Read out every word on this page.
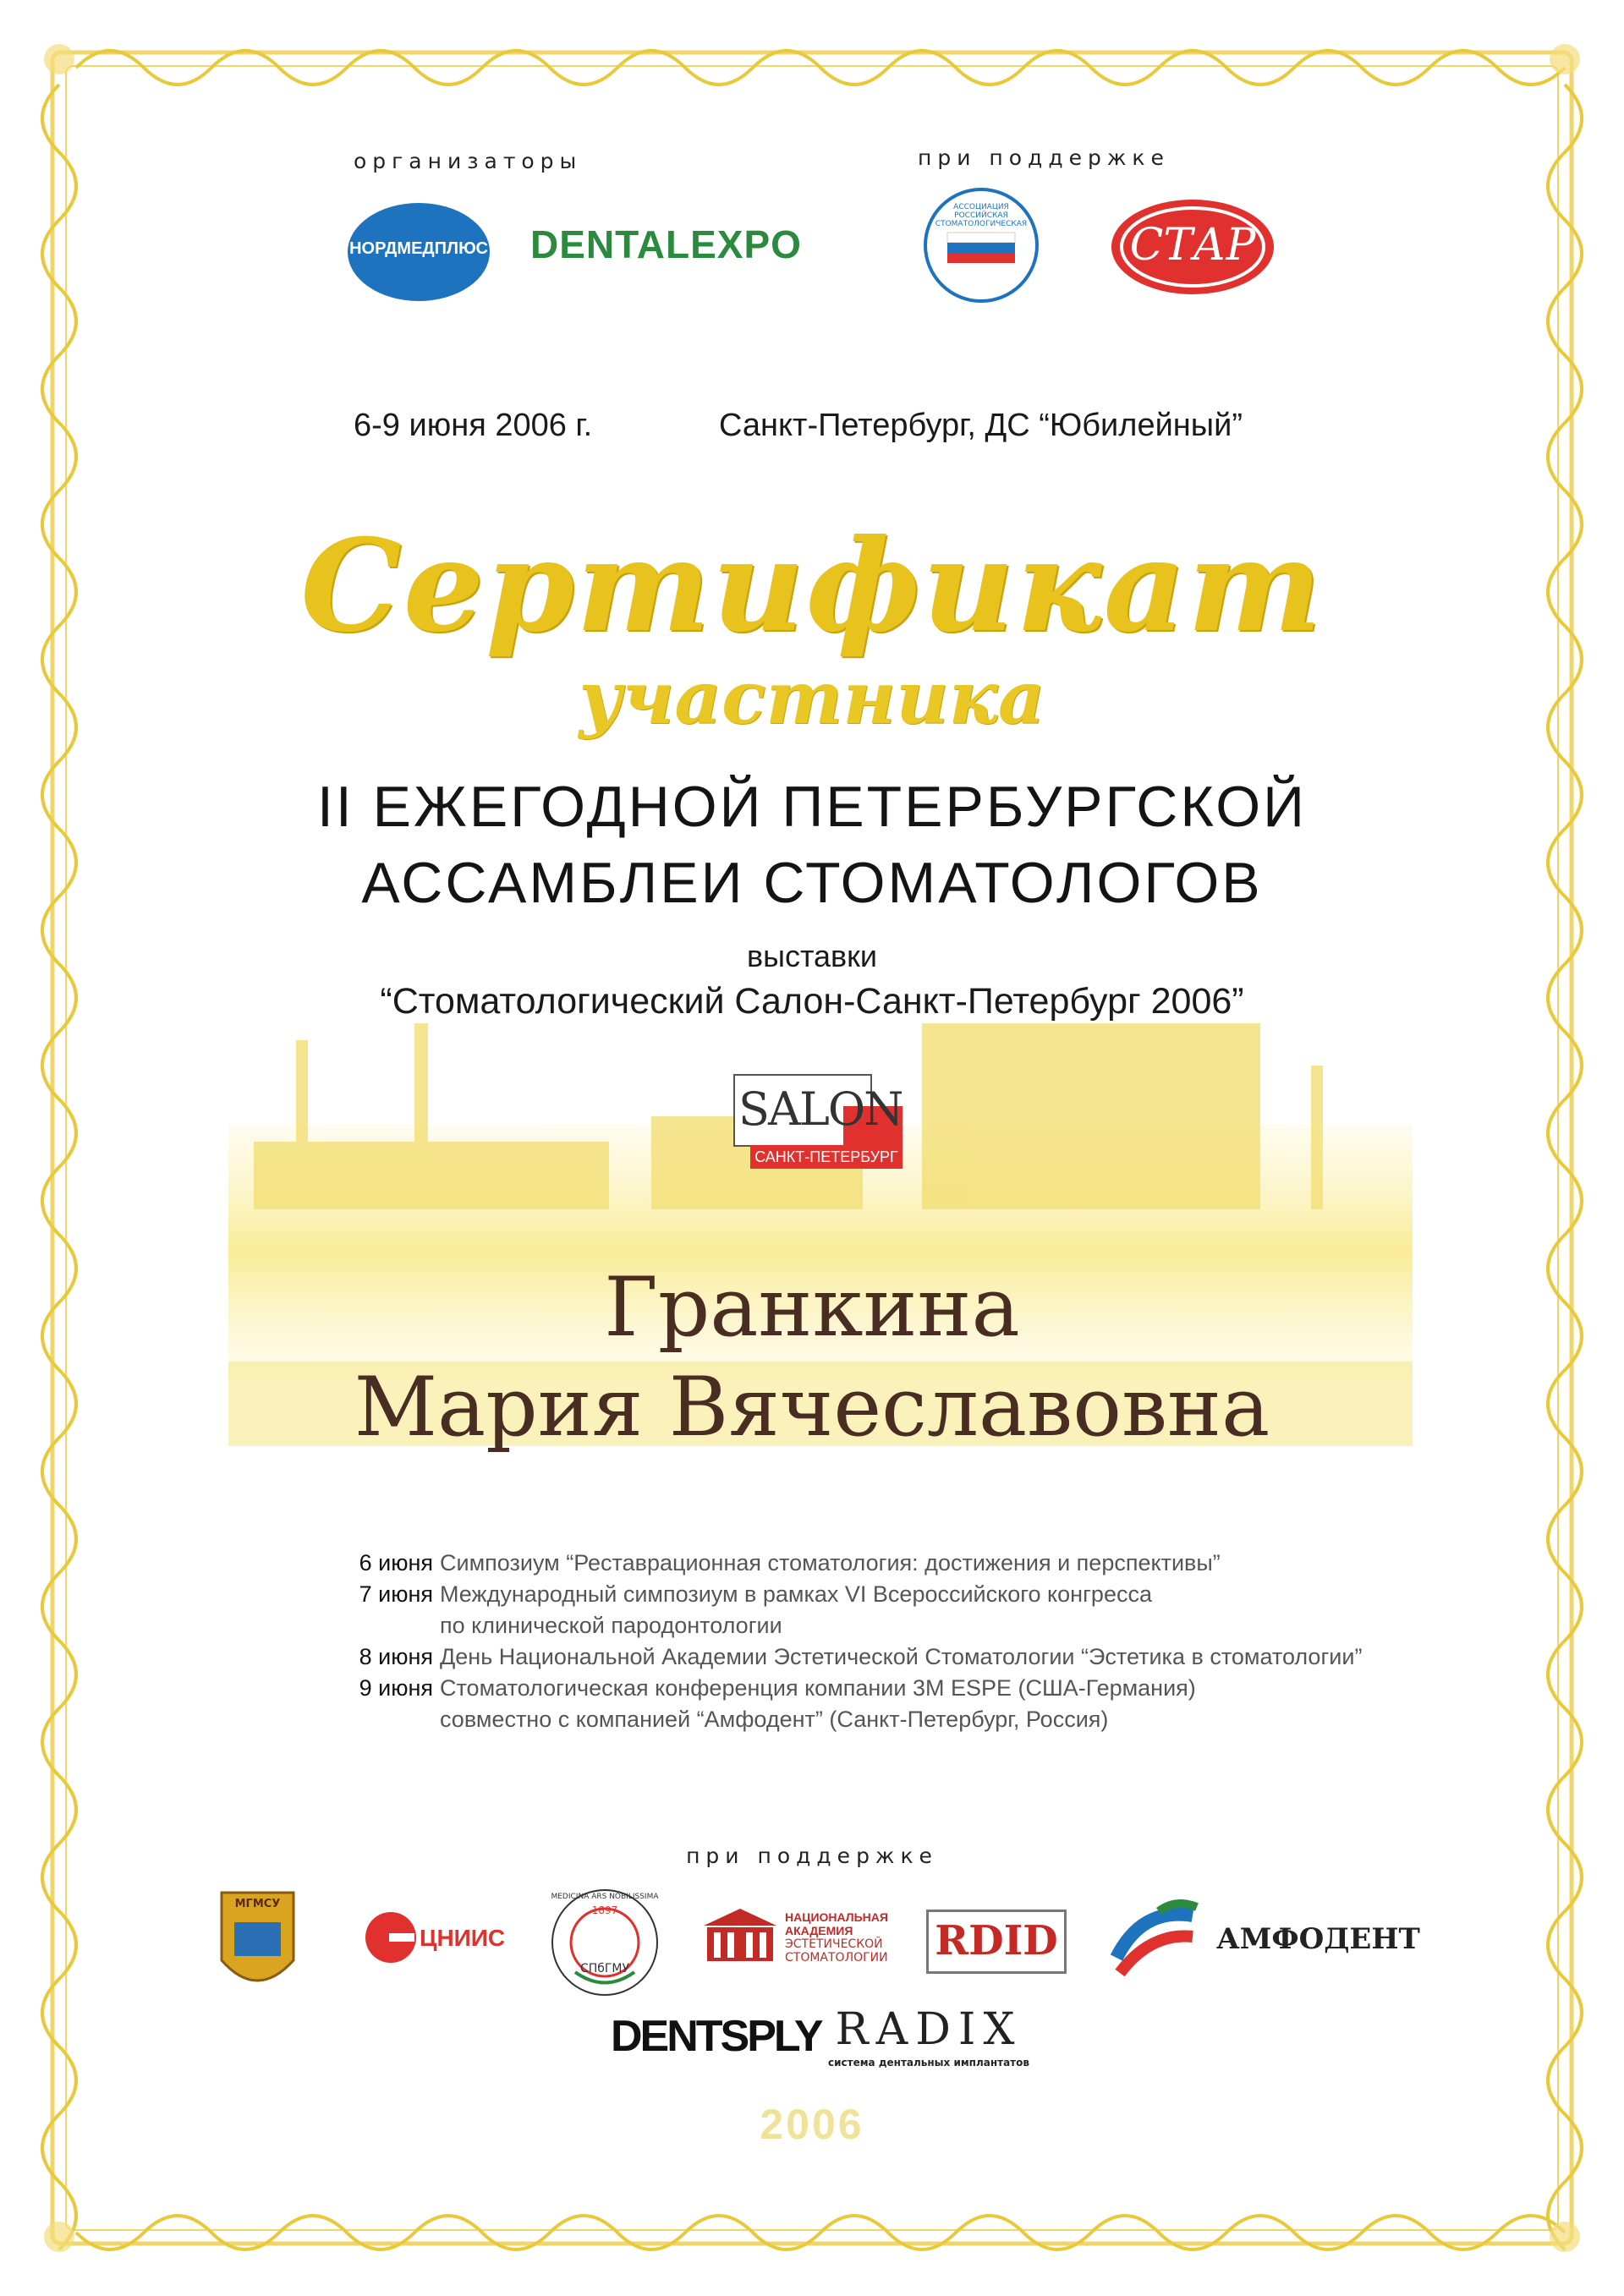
организаторы	при поддержке
НОРДМЕДПЛЮС DENTALEXPO
АССОЦИАЦИЯ РОССИЙСКАЯ СТОМАТОЛОГИЧЕСКАЯ	СТАР
6-9 июня 2006 г.	Санкт-Петербург, ДС “Юбилейный”
Сертификат
участника
II ЕЖЕГОДНОЙ ПЕТЕРБУРГСКОЙ
АССАМБЛЕИ СТОМАТОЛОГОВ
выставки
“Стоматологический Салон-Санкт-Петербург 2006”
SALON
САНКТ-ПЕТЕРБУРГ
Гранкина
Мария Вячеславовна
6 июня Симпозиум “Реставрационная стоматология: достижения и перспективы”
7 июня Международный симпозиум в рамках VI Всероссийского конгресса
по клинической пародонтологии
8 июня День Национальной Академии Эстетической Стоматологии “Эстетика в стоматологии”
9 июня Стоматологическая конференция компании 3M ESPE (США-Германия)
совместно с компанией “Амфодент” (Санкт-Петербург, Россия)
при поддержке
МГМСУ
ЦНИИС
MEDICINA ARS NOBILISSIMA
1897
СПбГМУ
НАЦИОНАЛЬНАЯ
АКАДЕМИЯ
ЭСТЕТИЧЕСКОЙ
СТОМАТОЛОГИИ RDID	АМФОДЕНТ
DENTSPLY RADIX
система дентальных имплантатов
2006
